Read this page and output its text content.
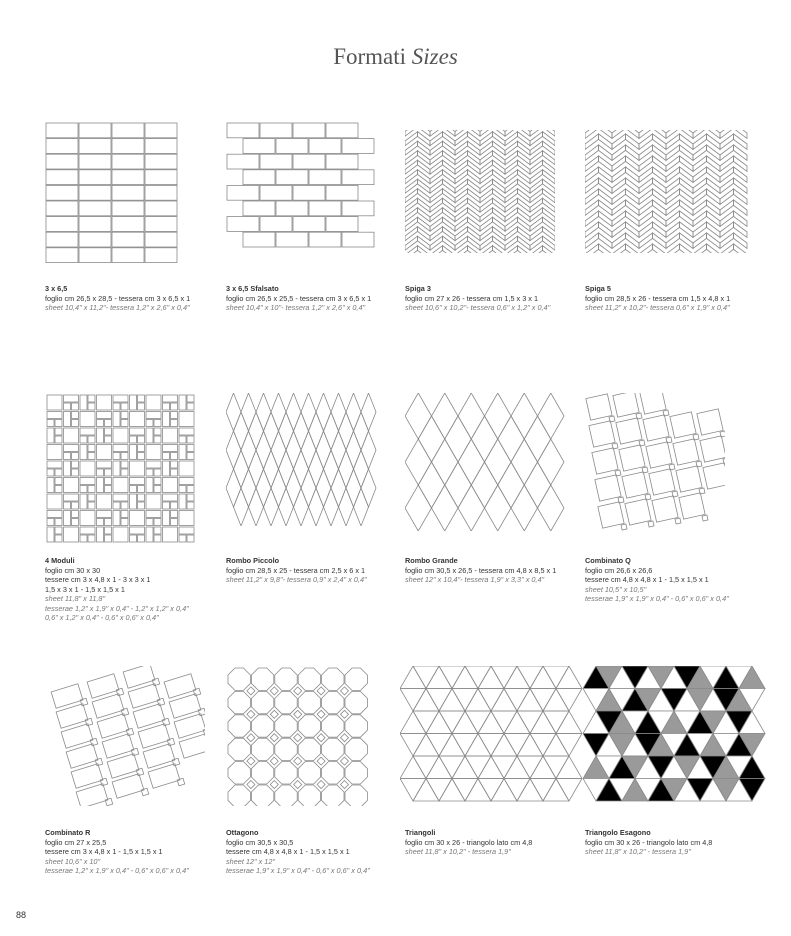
Formati Sizes
3 x 6,5
foglio cm 26,5 x 28,5 - tessera cm 3 x 6,5 x 1
sheet 10,4" x 11,2"- tessera 1,2" x 2,6" x 0,4"
3 x 6,5 Sfalsato
foglio cm 26,5 x 25,5 - tessera cm 3 x 6,5 x 1
sheet 10,4" x 10"- tessera 1,2" x 2,6" x 0,4"
Spiga 3
foglio cm 27 x 26 - tessera cm 1,5 x 3 x 1
sheet 10,6" x 10,2"- tessera 0,6" x 1,2" x 0,4"
Spiga 5
foglio cm 28,5 x 26 - tessera cm 1,5 x 4,8 x 1
sheet 11,2" x 10,2"- tessera 0,6" x 1,9" x 0,4"
4 Moduli
foglio cm 30 x 30
tessere cm 3 x 4,8 x 1 - 3 x 3 x 1
1,5 x 3 x 1 - 1,5 x 1,5 x 1
sheet 11,8" x 11,8"
tesserae 1,2" x 1,9" x 0,4" - 1,2" x 1,2" x 0,4"
0,6" x 1,2" x 0,4" - 0,6" x 0,6" x 0,4"
Rombo Piccolo
foglio cm 28,5 x 25 - tessera cm 2,5 x 6 x 1
sheet 11,2" x 9,8"- tessera 0,9" x 2,4" x 0,4"
Rombo Grande
foglio cm 30,5 x 26,5 - tessera cm 4,8 x 8,5 x 1
sheet 12" x 10,4"- tessera 1,9" x 3,3" x 0,4"
Combinato Q
foglio cm 26,6 x 26,6
tessere cm 4,8 x 4,8 x 1 - 1,5 x 1,5 x 1
sheet 10,5" x 10,5"
tesserae 1,9" x 1,9" x 0,4" - 0,6" x 0,6" x 0,4"
Combinato R
foglio cm 27 x 25,5
tessere cm 3 x 4,8 x 1 - 1,5 x 1,5 x 1
sheet 10,6" x 10"
tesserae 1,2" x 1,9" x 0,4" - 0,6" x 0,6" x 0,4"
Ottagono
foglio cm 30,5 x 30,5
tessere cm 4,8 x 4,8 x 1 - 1,5 x 1,5 x 1
sheet 12" x 12"
tesserae 1,9" x 1,9" x 0,4" - 0,6" x 0,6" x 0,4"
Triangoli
foglio cm 30 x 26 - triangolo lato cm 4,8
sheet 11,8" x 10,2" - tessera 1,9"
Triangolo Esagono
foglio cm 30 x 26 - triangolo lato cm 4,8
sheet 11,8" x 10,2" - tessera 1,9"
88
